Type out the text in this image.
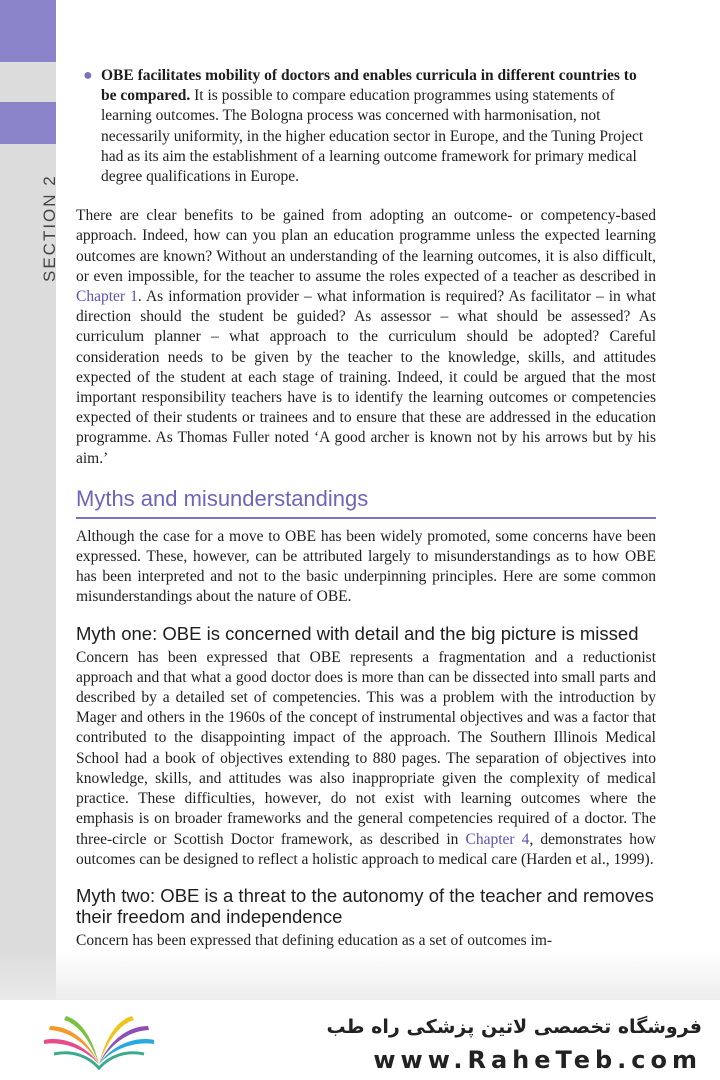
SECTION 2
● OBE facilitates mobility of doctors and enables curricula in different countries to be compared. It is possible to compare education programmes using statements of learning outcomes. The Bologna process was concerned with harmonisation, not necessarily uniformity, in the higher education sector in Europe, and the Tuning Project had as its aim the establishment of a learning outcome framework for primary medical degree qualifications in Europe.

There are clear benefits to be gained from adopting an outcome- or competency-based approach. Indeed, how can you plan an education programme unless the expected learning outcomes are known? Without an understanding of the learning outcomes, it is also difficult, or even impossible, for the teacher to assume the roles expected of a teacher as described in Chapter 1. As information provider – what information is required? As facilitator – in what direction should the student be guided? As assessor – what should be assessed? As curriculum planner – what approach to the curriculum should be adopted? Careful consideration needs to be given by the teacher to the knowledge, skills, and attitudes expected of the student at each stage of training. Indeed, it could be argued that the most important responsibility teachers have is to identify the learning outcomes or competencies expected of their students or trainees and to ensure that these are addressed in the education programme. As Thomas Fuller noted ‘A good archer is known not by his arrows but by his aim.’

Myths and misunderstandings

Although the case for a move to OBE has been widely promoted, some concerns have been expressed. These, however, can be attributed largely to misunderstandings as to how OBE has been interpreted and not to the basic underpinning principles. Here are some common misunderstandings about the nature of OBE.

Myth one: OBE is concerned with detail and the big picture is missed

Concern has been expressed that OBE represents a fragmentation and a reductionist approach and that what a good doctor does is more than can be dissected into small parts and described by a detailed set of competencies. This was a problem with the introduction by Mager and others in the 1960s of the concept of instrumental objectives and was a factor that contributed to the disappointing impact of the approach. The Southern Illinois Medical School had a book of objectives extending to 880 pages. The separation of objectives into knowledge, skills, and attitudes was also inappropriate given the complexity of medical practice. These difficulties, however, do not exist with learning outcomes where the emphasis is on broader frameworks and the general competencies required of a doctor. The three-circle or Scottish Doctor framework, as described in Chapter 4, demonstrates how outcomes can be designed to reflect a holistic approach to medical care (Harden et al., 1999).

Myth two: OBE is a threat to the autonomy of the teacher and removes their freedom and independence

Concern has been expressed that defining education as a set of outcomes im-

فروشگاه تخصصی لاتین پزشکی راه طب
www.RaheTeb.com
